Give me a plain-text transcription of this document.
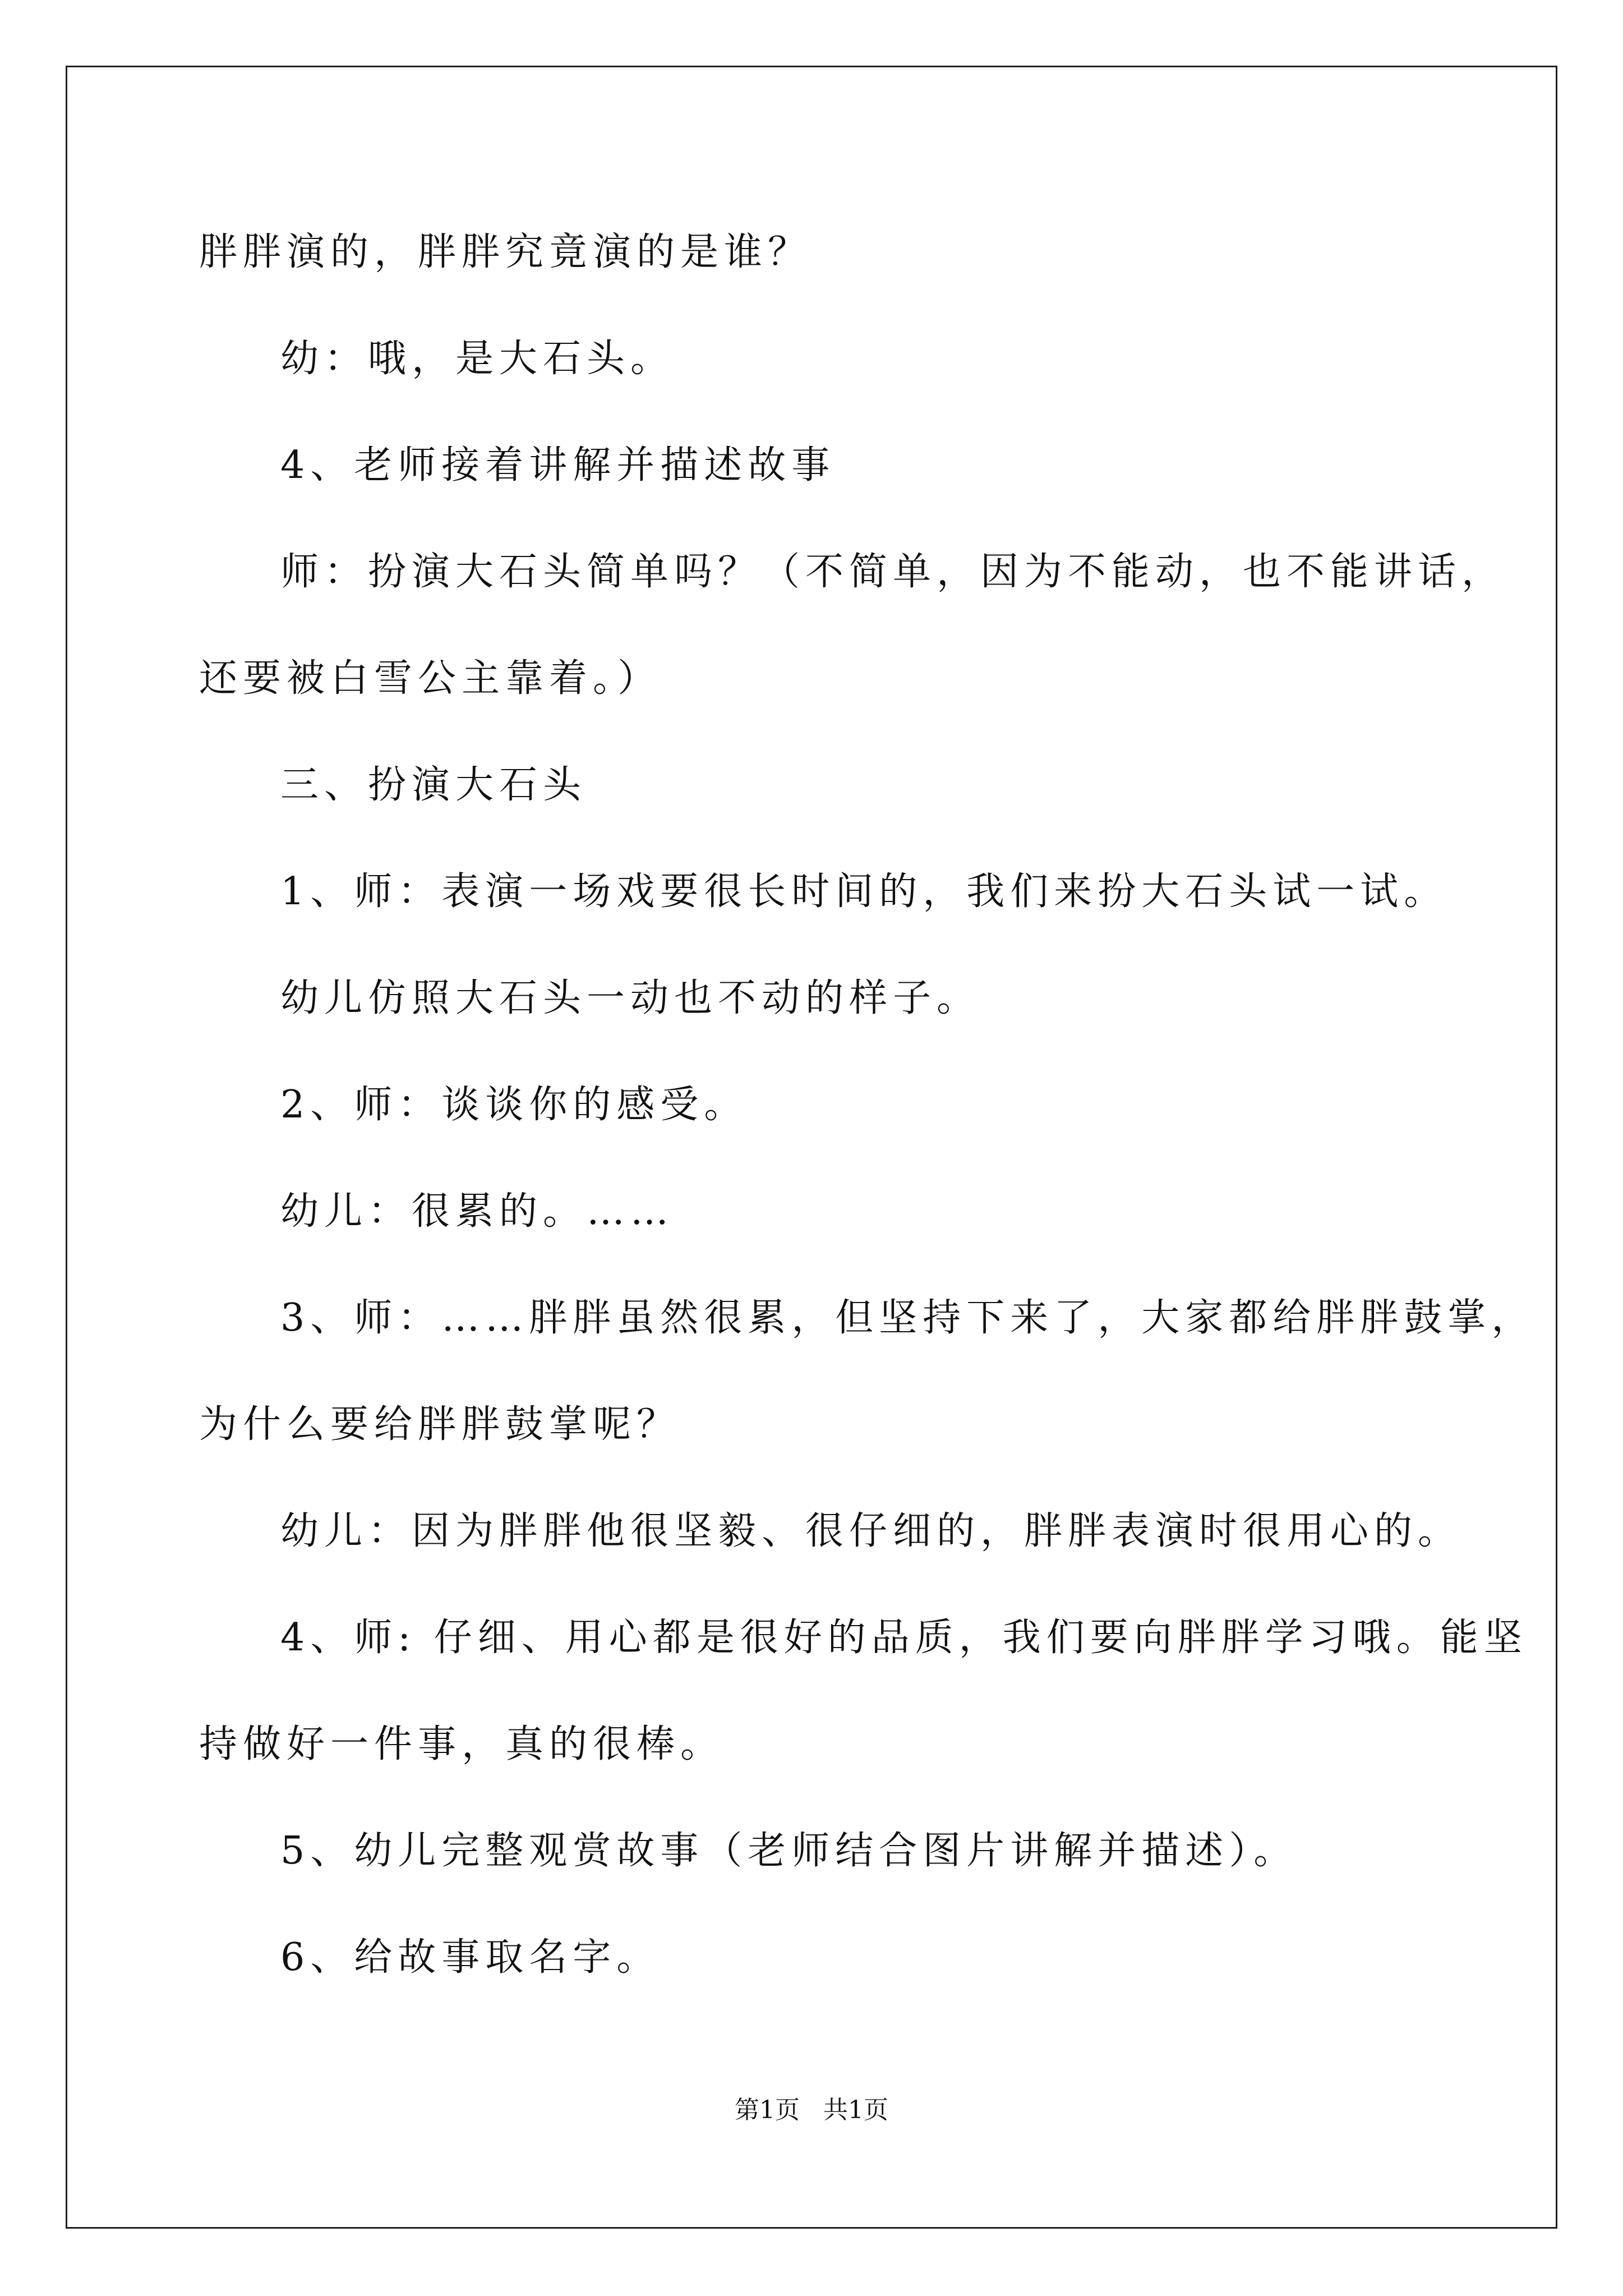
胖胖演的，胖胖究竟演的是谁？
幼：哦，是大石头。
4、老师接着讲解并描述故事
师：扮演大石头简单吗？（不简单，因为不能动，也不能讲话，
还要被白雪公主靠着。）
三、扮演大石头
1、师：表演一场戏要很长时间的，我们来扮大石头试一试。
幼儿仿照大石头一动也不动的样子。
2、师：谈谈你的感受。
幼儿：很累的。……
3、师：……胖胖虽然很累，但坚持下来了，大家都给胖胖鼓掌，
为什么要给胖胖鼓掌呢？
幼儿：因为胖胖他很坚毅、很仔细的，胖胖表演时很用心的。
4、师: 仔细、用心都是很好的品质，我们要向胖胖学习哦。能坚
持做好一件事，真的很棒。
5、幼儿完整观赏故事（老师结合图片讲解并描述）。
6、给故事取名字。
第1页   共1页
